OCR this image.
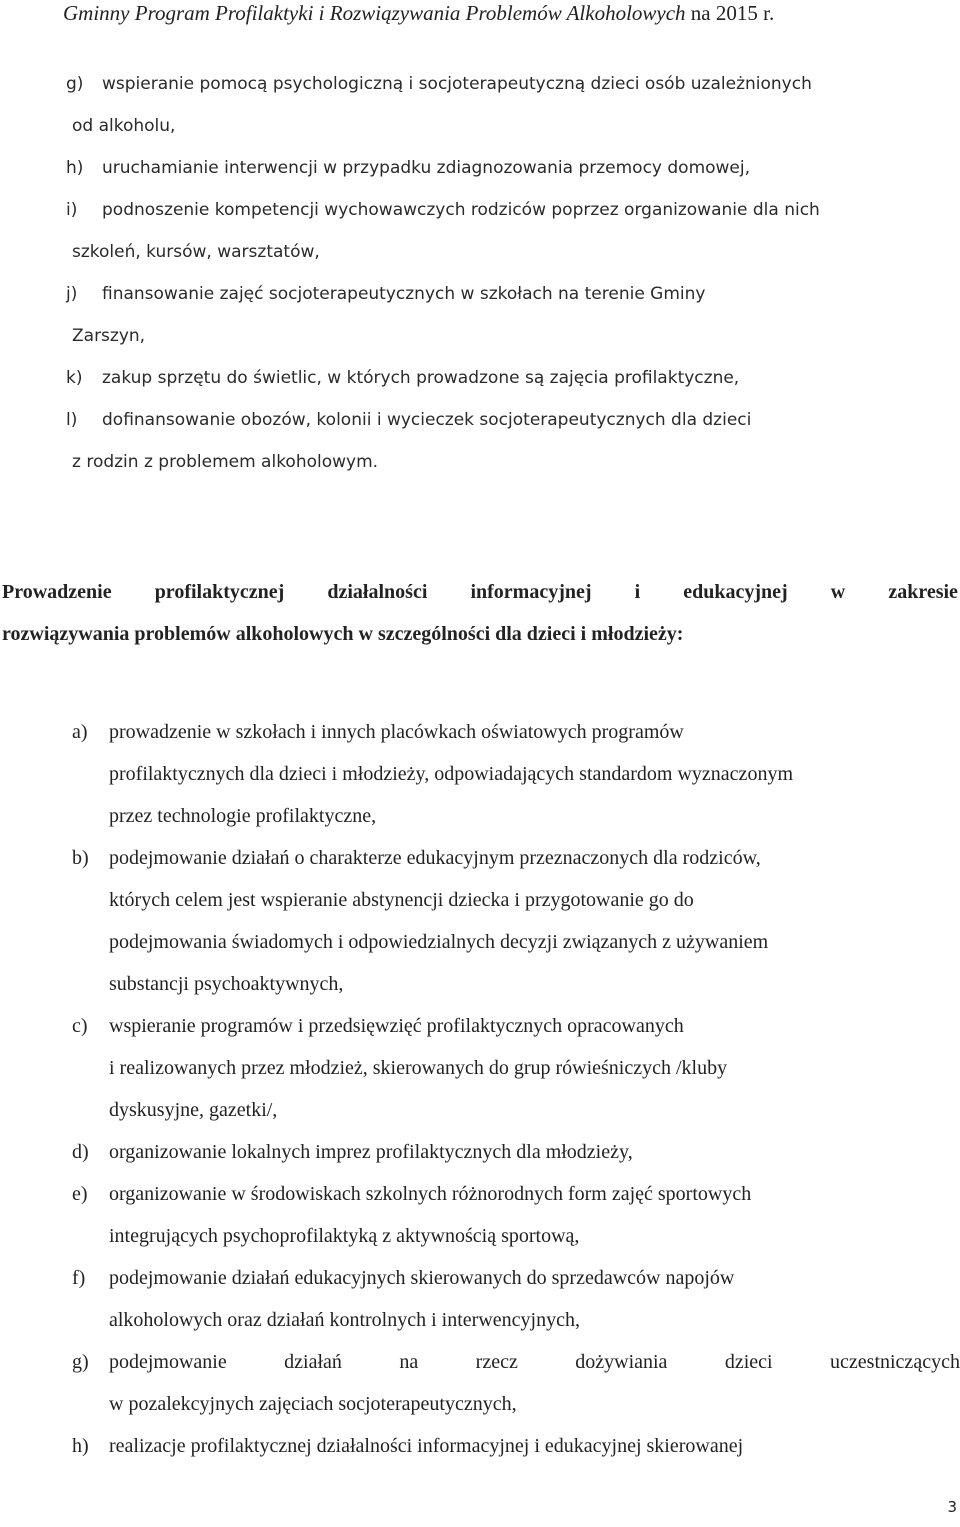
Gminny Program Profilaktyki i Rozwiązywania Problemów Alkoholowych na 2015 r.
g) wspieranie pomocą psychologiczną i socjoterapeutyczną dzieci osób uzależnionych
od alkoholu,
h) uruchamianie interwencji w przypadku zdiagnozowania przemocy domowej,
i) podnoszenie kompetencji wychowawczych rodziców poprzez organizowanie dla nich
szkoleń, kursów, warsztatów,
j) finansowanie zajęć socjoterapeutycznych w szkołach na terenie Gminy
Zarszyn,
k) zakup sprzętu do świetlic, w których prowadzone są zajęcia profilaktyczne,
l) dofinansowanie obozów, kolonii i wycieczek socjoterapeutycznych dla dzieci
z rodzin z problemem alkoholowym.
Prowadzenie profilaktycznej działalności informacyjnej i edukacyjnej w zakresie
rozwiązywania problemów alkoholowych w szczególności dla dzieci i młodzieży:
a) prowadzenie w szkołach i innych placówkach oświatowych programów
profilaktycznych dla dzieci i młodzieży, odpowiadających standardom wyznaczonym
przez technologie profilaktyczne,
b) podejmowanie działań o charakterze edukacyjnym przeznaczonych dla rodziców,
których celem jest wspieranie abstynencji dziecka i przygotowanie go do
podejmowania świadomych i odpowiedzialnych decyzji związanych z używaniem
substancji psychoaktywnych,
c) wspieranie programów i przedsięwzięć profilaktycznych opracowanych
i realizowanych przez młodzież, skierowanych do grup rówieśniczych /kluby
dyskusyjne, gazetki/,
d) organizowanie lokalnych imprez profilaktycznych dla młodzieży,
e) organizowanie w środowiskach szkolnych różnorodnych form zajęć sportowych
integrujących psychoprofilaktyką z aktywnością sportową,
f) podejmowanie działań edukacyjnych skierowanych do sprzedawców napojów
alkoholowych oraz działań kontrolnych i interwencyjnych,
g) podejmowanie	działań	na	rzecz	dożywiania	dzieci	uczestniczących
w pozalekcyjnych zajęciach socjoterapeutycznych,
h) realizacje profilaktycznej działalności informacyjnej i edukacyjnej skierowanej
3
